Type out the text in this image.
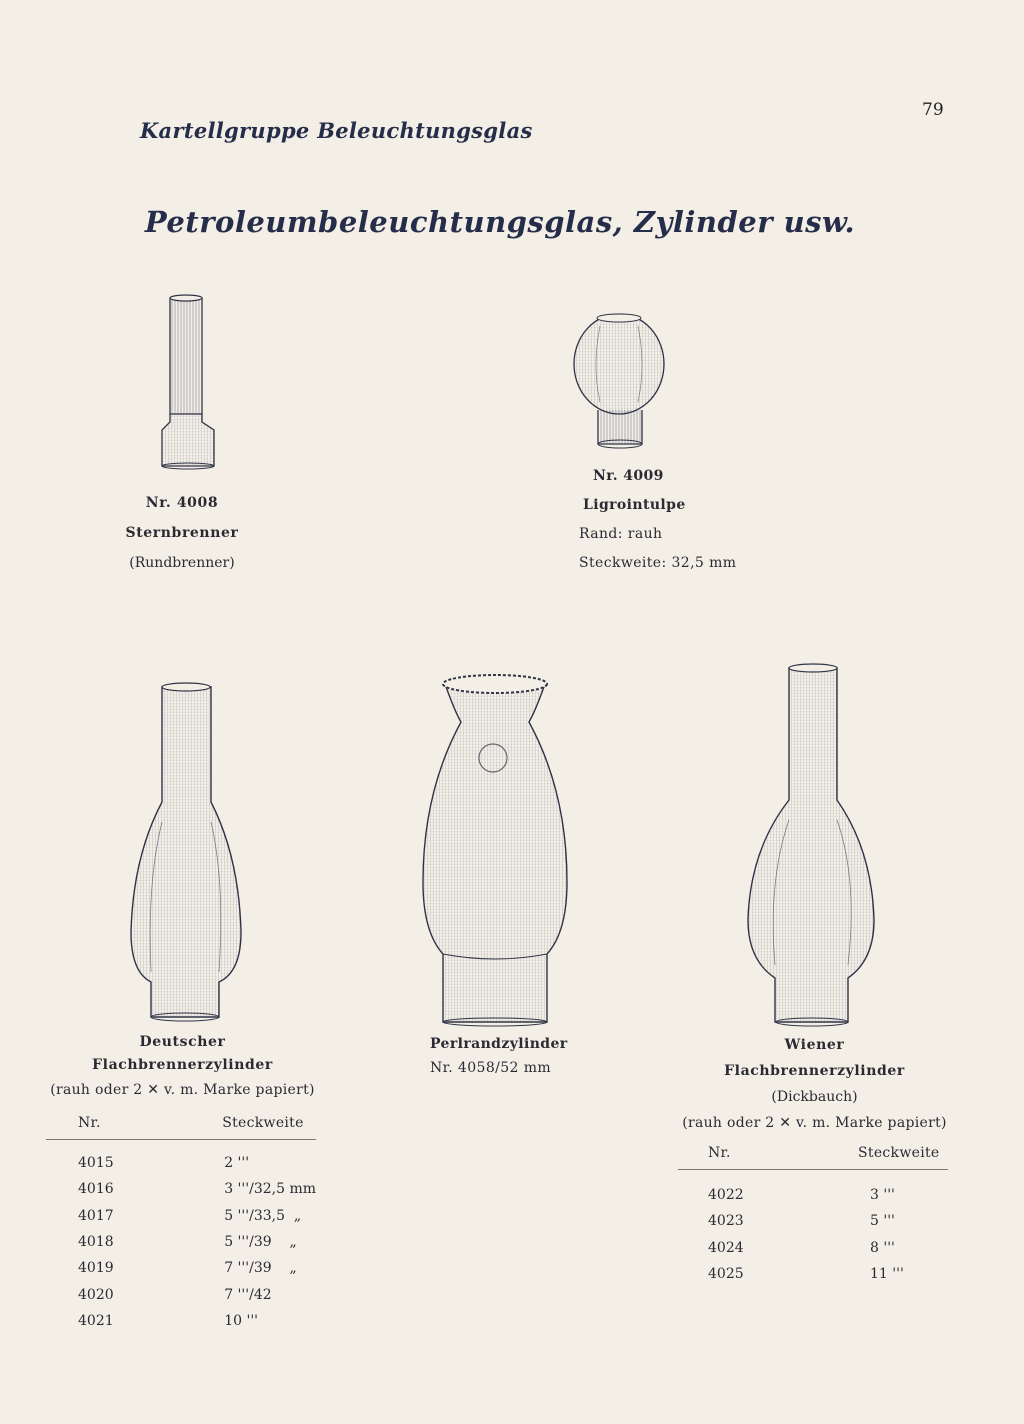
79
Kartellgruppe Beleuchtungsglas
Petroleumbeleuchtungsglas, Zylinder usw.
Nr. 4008
Sternbrenner
(Rundbrenner)
Nr. 4009
Ligrointulpe
Rand: rauh
Steckweite: 32,5 mm
Deutscher
Flachbrennerzylinder
(rauh oder 2 ✕ v. m. Marke papiert)
Nr.	Steckweite

4015	2 '''
4016	3 '''/32,5 mm
4017	5 '''/33,5  „
4018	5 '''/39    „
4019	7 '''/39    „
4020	7 '''/42
4021	10 '''
Perlrandzylinder
Nr. 4058/52 mm
Wiener
Flachbrennerzylinder
(Dickbauch)
(rauh oder 2 ✕ v. m. Marke papiert)
Nr.	Steckweite

4022	3 '''
4023	5 '''
4024	8 '''
4025	11 '''
